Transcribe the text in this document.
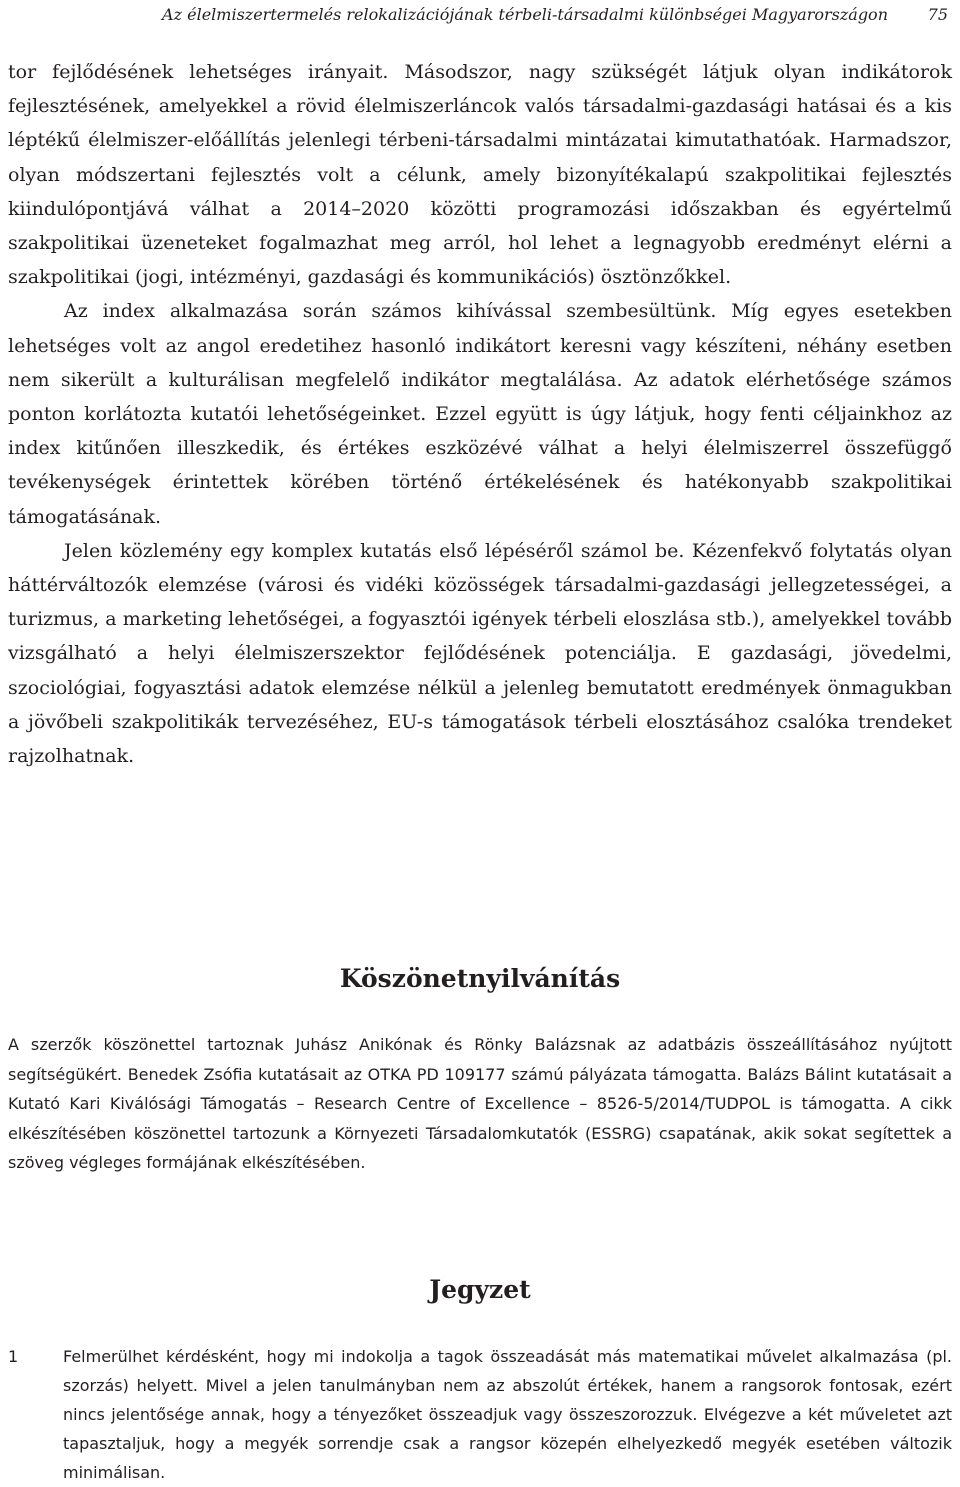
Az élelmiszertermelés relokalizációjának térbeli-társadalmi különbségei Magyarországon 75

tor fejlődésének lehetséges irányait. Másodszor, nagy szükségét látjuk olyan indikátorok fejlesztésének, amelyekkel a rövid élelmiszerláncok valós társadalmi-gazdasági hatásai és a kis léptékű élelmiszer-előállítás jelenlegi térbeni-társadalmi mintázatai kimutathatóak. Harmadszor, olyan módszertani fejlesztés volt a célunk, amely bizonyítékalapú szakpolitikai fejlesztés kiindulópontjává válhat a 2014–2020 közötti programozási időszakban és egyértelmű szakpolitikai üzeneteket fogalmazhat meg arról, hol lehet a legnagyobb eredményt elérni a szakpolitikai (jogi, intézményi, gazdasági és kommunikációs) ösztönzőkkel.

Az index alkalmazása során számos kihívással szembesültünk. Míg egyes esetekben lehetséges volt az angol eredetihez hasonló indikátort keresni vagy készíteni, néhány esetben nem sikerült a kulturálisan megfelelő indikátor megtalálása. Az adatok elérhetősége számos ponton korlátozta kutatói lehetőségeinket. Ezzel együtt is úgy látjuk, hogy fenti céljainkhoz az index kitűnően illeszkedik, és értékes eszközévé válhat a helyi élelmiszerrel összefüggő tevékenységek érintettek körében történő értékelésének és hatékonyabb szakpolitikai támogatásának.

Jelen közlemény egy komplex kutatás első lépéséről számol be. Kézenfekvő folytatás olyan háttérváltozók elemzése (városi és vidéki közösségek társadalmi-gazdasági jellegzetességei, a turizmus, a marketing lehetőségei, a fogyasztói igények térbeli eloszlása stb.), amelyekkel tovább vizsgálható a helyi élelmiszerszektor fejlődésének potenciálja. E gazdasági, jövedelmi, szociológiai, fogyasztási adatok elemzése nélkül a jelenleg bemutatott eredmények önmagukban a jövőbeli szakpolitikák tervezéséhez, EU-s támogatások térbeli elosztásához csalóka trendeket rajzolhatnak.

Köszönetnyilvánítás

A szerzők köszönettel tartoznak Juhász Anikónak és Rönky Balázsnak az adatbázis összeállításához nyújtott segítségükért. Benedek Zsófia kutatásait az OTKA PD 109177 számú pályázata támogatta. Balázs Bálint kutatásait a Kutató Kari Kiválósági Támogatás – Research Centre of Excellence – 8526-5/2014/TUDPOL is támogatta. A cikk elkészítésében köszönettel tartozunk a Környezeti Társadalomkutatók (ESSRG) csapatának, akik sokat segítettek a szöveg végleges formájának elkészítésében.

Jegyzet
1	Felmerülhet kérdésként, hogy mi indokolja a tagok összeadását más matematikai művelet alkalmazása (pl. szorzás) helyett. Mivel a jelen tanulmányban nem az abszolút értékek, hanem a rangsorok fontosak, ezért nincs jelentősége annak, hogy a tényezőket összeadjuk vagy összeszorozzuk. Elvégezve a két műveletet azt tapasztaljuk, hogy a megyék sorrendje csak a rangsor közepén elhelyezkedő megyék esetében változik minimálisan.
